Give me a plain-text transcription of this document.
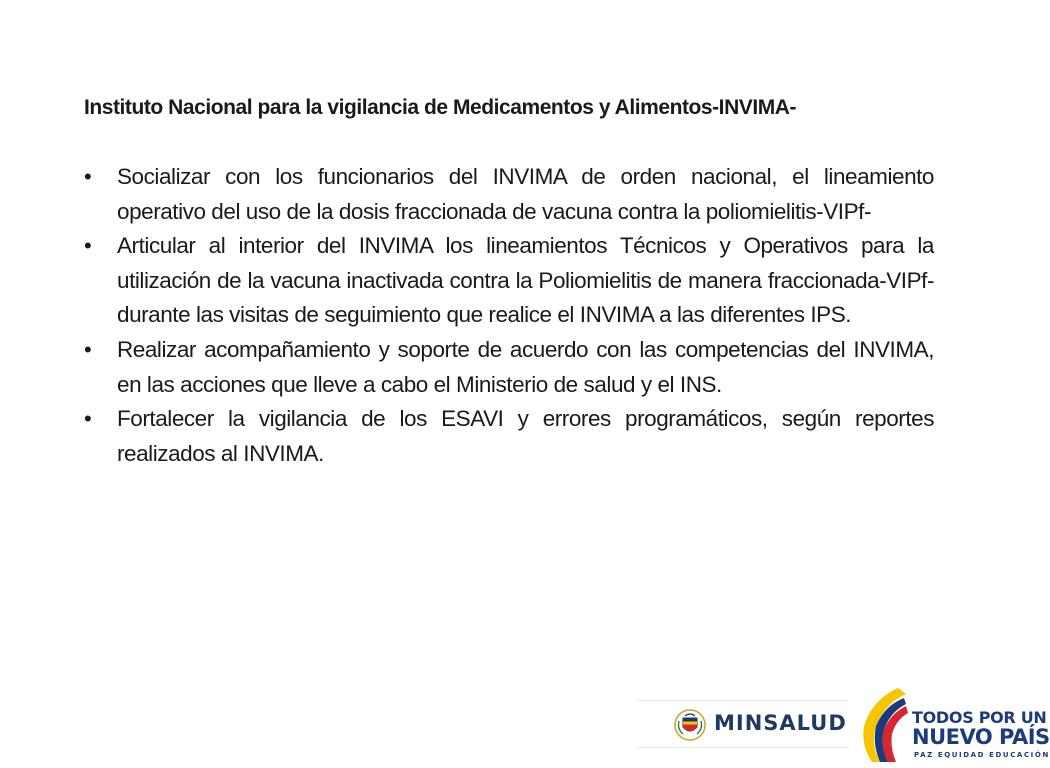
Instituto Nacional para la vigilancia de Medicamentos y Alimentos-INVIMA-
•	Socializar con los funcionarios del INVIMA de orden nacional, el lineamiento operativo del uso de la dosis fraccionada de vacuna contra la poliomielitis-VIPf-
•	Articular al interior del INVIMA los lineamientos Técnicos y Operativos para la utilización de la vacuna inactivada contra la Poliomielitis de manera fraccionada-VIPf- durante las visitas de seguimiento que realice el INVIMA a las diferentes IPS.
•	Realizar acompañamiento y soporte de acuerdo con las competencias del INVIMA, en las acciones que lleve a cabo el Ministerio de salud y el INS.
•	Fortalecer la vigilancia de los ESAVI y errores programáticos, según reportes realizados al INVIMA.
MINSALUD	TODOS POR UN
NUEVO PAÍS
PAZ EQUIDAD EDUCACIÓN
